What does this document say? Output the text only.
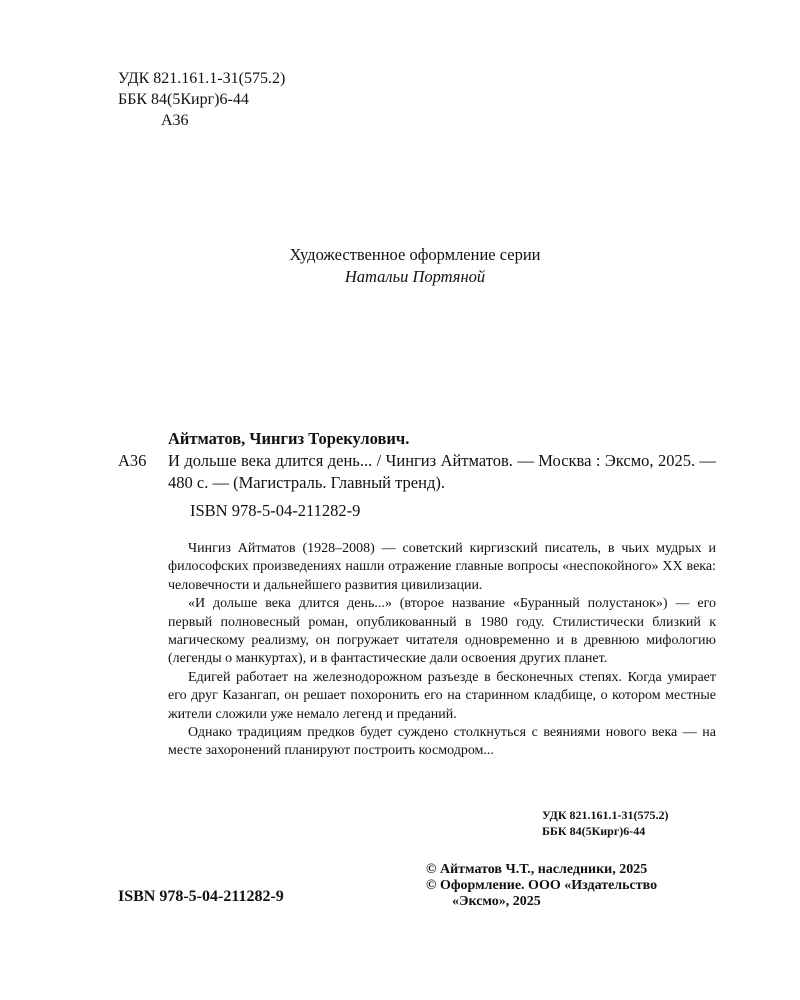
УДК 821.161.1-31(575.2)
ББК 84(5Кирг)6-44
А36
Художественное оформление серии
Натальи Портяной
Айтматов, Чингиз Торекулович.
А36	И дольше века длится день... / Чингиз Айтматов. — Москва : Эксмо, 2025. — 480 с. — (Магистраль. Главный тренд).
ISBN 978-5-04-211282-9

Чингиз Айтматов (1928–2008) — советский киргизский писатель, в чьих мудрых и философских произведениях нашли отражение главные вопросы «неспокойного» XX века: человечности и дальнейшего развития цивилизации.

«И дольше века длится день...» (второе название «Буранный полустанок») — его первый полновесный роман, опубликованный в 1980 году. Стилистически близкий к магическому реализму, он погружает читателя одновременно и в древнюю мифологию (легенды о манкуртах), и в фантастические дали освоения других планет.

Едигей работает на железнодорожном разъезде в бесконечных степях. Когда умирает его друг Казангап, он решает похоронить его на старинном кладбище, о котором местные жители сложили уже немало легенд и преданий.

Однако традициям предков будет суждено столкнуться с веяниями нового века — на месте захоронений планируют построить космодром...

УДК 821.161.1-31(575.2)
ББК 84(5Кирг)6-44
© Айтматов Ч.Т., наследники, 2025
© Оформление. ООО «Издательство
«Эксмо», 2025
ISBN 978-5-04-211282-9
